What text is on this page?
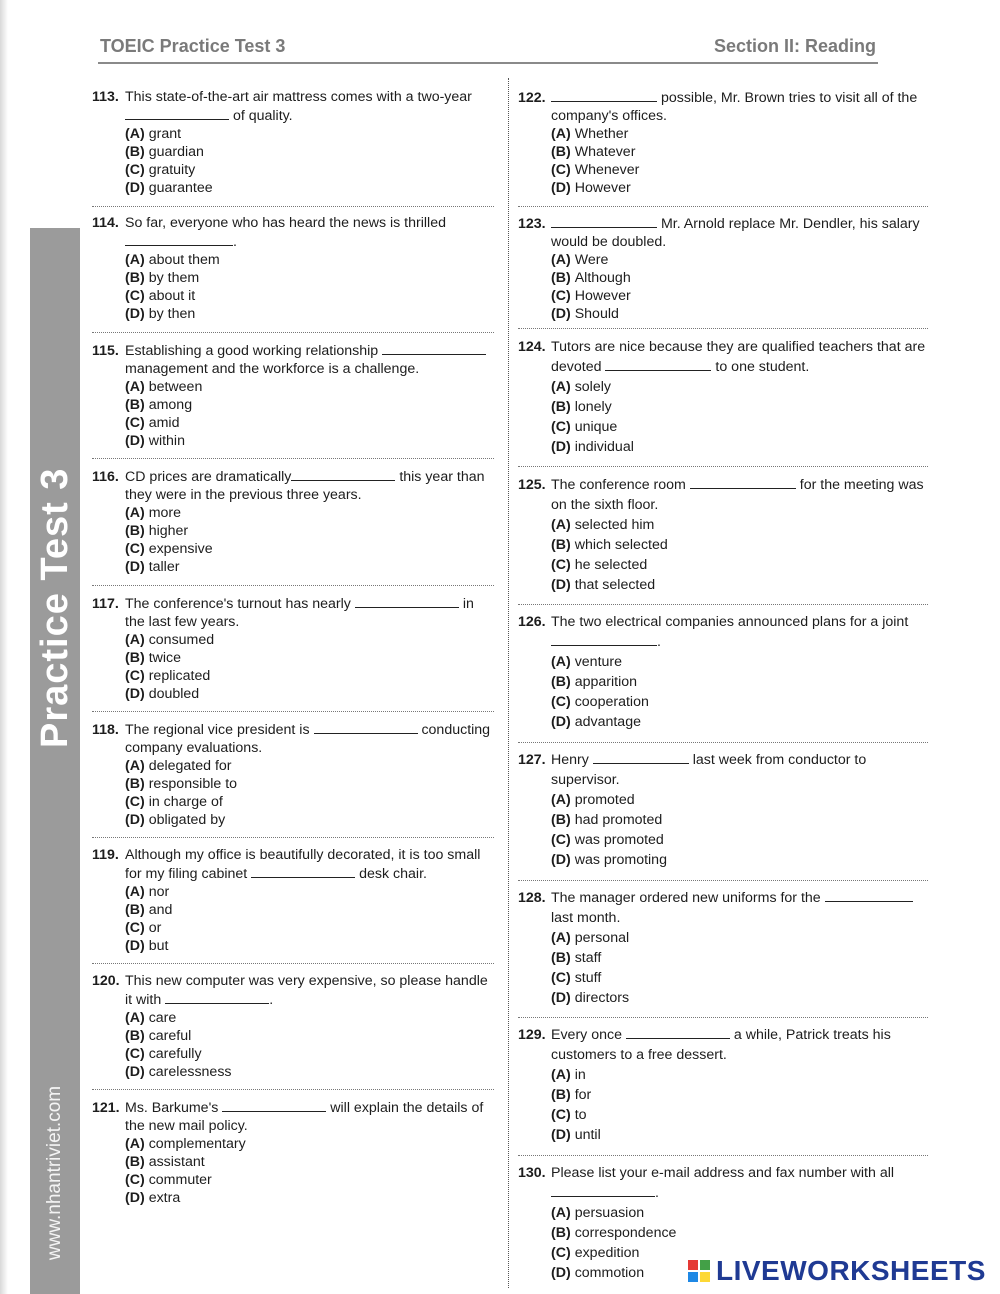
Practice Test 3
www.nhantriviet.com
TOEIC Practice Test 3	Section II: Reading
113. This state-of-the-art air mattress comes with a two-year  of quality.
(A) grant
(B) guardian
(C) gratuity
(D) guarantee
114. So far, everyone who has heard the news is thrilled .
(A) about them
(B) by them
(C) about it
(D) by then
115. Establishing a good working relationship  management and the workforce is a challenge.
(A) between
(B) among
(C) amid
(D) within
116. CD prices are dramatically	this year than they were in the previous three years.
(A) more
(B) higher
(C) expensive
(D) taller
117. The conference's turnout has nearly	in the last few years.
(A) consumed
(B) twice
(C) replicated
(D) doubled
118. The regional vice president is	conducting company evaluations.
(A) delegated for
(B) responsible to
(C) in charge of
(D) obligated by
119. Although my office is beautifully decorated, it is too small for my filing cabinet	desk chair.
(A) nor
(B) and
(C) or
(D) but
120. This new computer was very expensive, so please handle it with	.
(A) care
(B) careful
(C) carefully
(D) carelessness
121. Ms. Barkume's	will explain the details of the new mail policy.
(A) complementary
(B) assistant
(C) commuter
(D) extra
122.	possible, Mr. Brown tries to visit all of the company's offices.
(A) Whether
(B) Whatever
(C) Whenever
(D) However
123.	Mr. Arnold replace Mr. Dendler, his salary would be doubled.
(A) Were
(B) Although
(C) However
(D) Should
124. Tutors are nice because they are qualified teachers that are devoted	to one student.
(A) solely
(B) lonely
(C) unique
(D) individual
125. The conference room	for the meeting was on the sixth floor.
(A) selected him
(B) which selected
(C) he selected
(D) that selected
126. The two electrical companies announced plans for a joint .
(A) venture
(B) apparition
(C) cooperation
(D) advantage
127. Henry	last week from conductor to supervisor.
(A) promoted
(B) had promoted
(C) was promoted
(D) was promoting
128. The manager ordered new uniforms for the  last month.
(A) personal
(B) staff
(C) stuff
(D) directors
129. Every once	a while, Patrick treats his customers to a free dessert.
(A) in
(B) for
(C) to
(D) until
130. Please list your e-mail address and fax number with all .
(A) persuasion
(B) correspondence
(C) expedition
(D) commotion	LIVEWORKSHEETS
